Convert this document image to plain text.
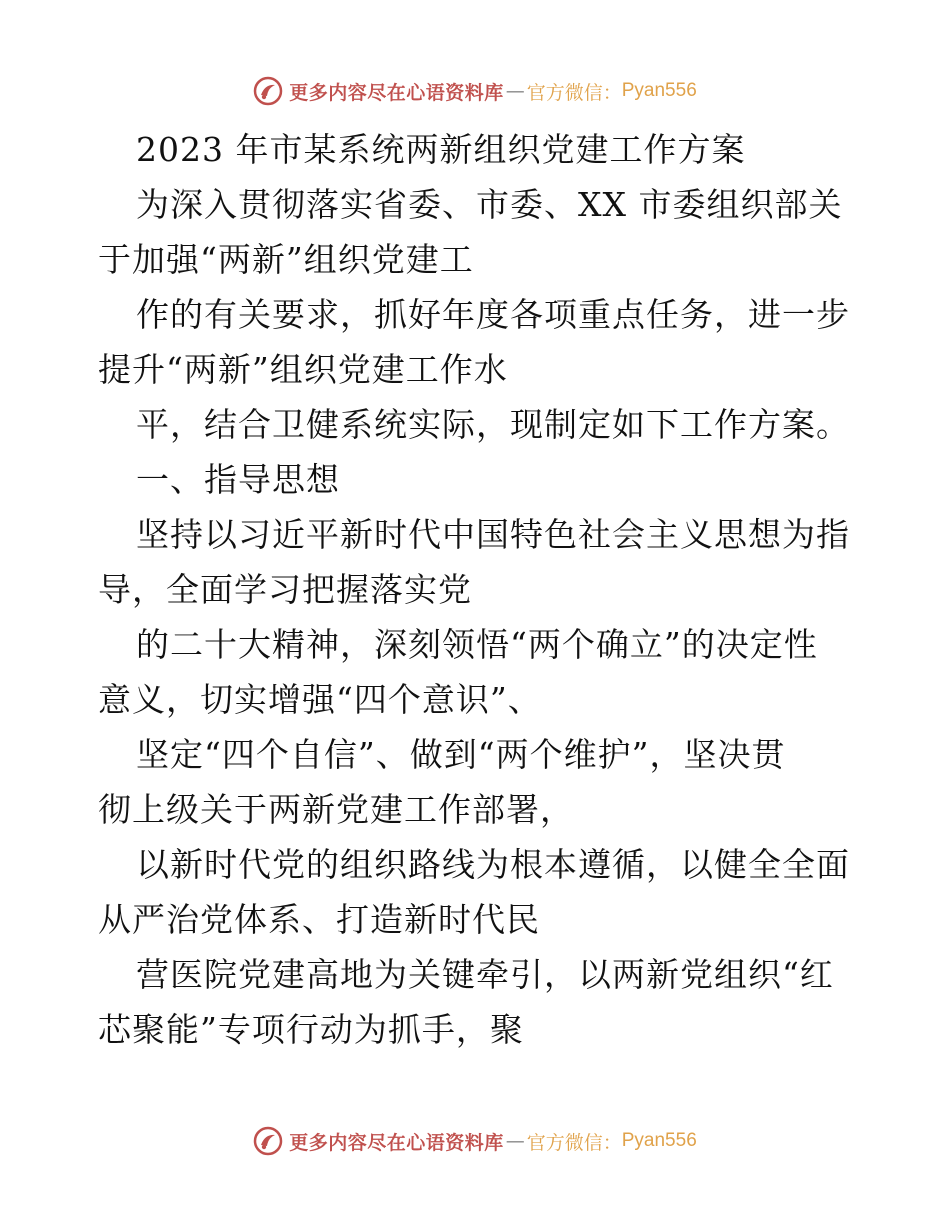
更多内容尽在心语资料库 — 官方微信： Pyan556
2023 年市某系统两新组织党建工作方案
为深入贯彻落实省委、市委、XX 市委组织部关
于加强“两新”组织党建工
作的有关要求，抓好年度各项重点任务，进一步
提升“两新”组织党建工作水
平，结合卫健系统实际，现制定如下工作方案。
一、指导思想
坚持以习近平新时代中国特色社会主义思想为指
导，全面学习把握落实党
的二十大精神，深刻领悟“两个确立”的决定性
意义，切实增强“四个意识”、
坚定“四个自信”、做到“两个维护”，坚决贯
彻上级关于两新党建工作部署，
以新时代党的组织路线为根本遵循，以健全全面
从严治党体系、打造新时代民
营医院党建高地为关键牵引，以两新党组织“红
芯聚能”专项行动为抓手，聚
更多内容尽在心语资料库 — 官方微信： Pyan556
